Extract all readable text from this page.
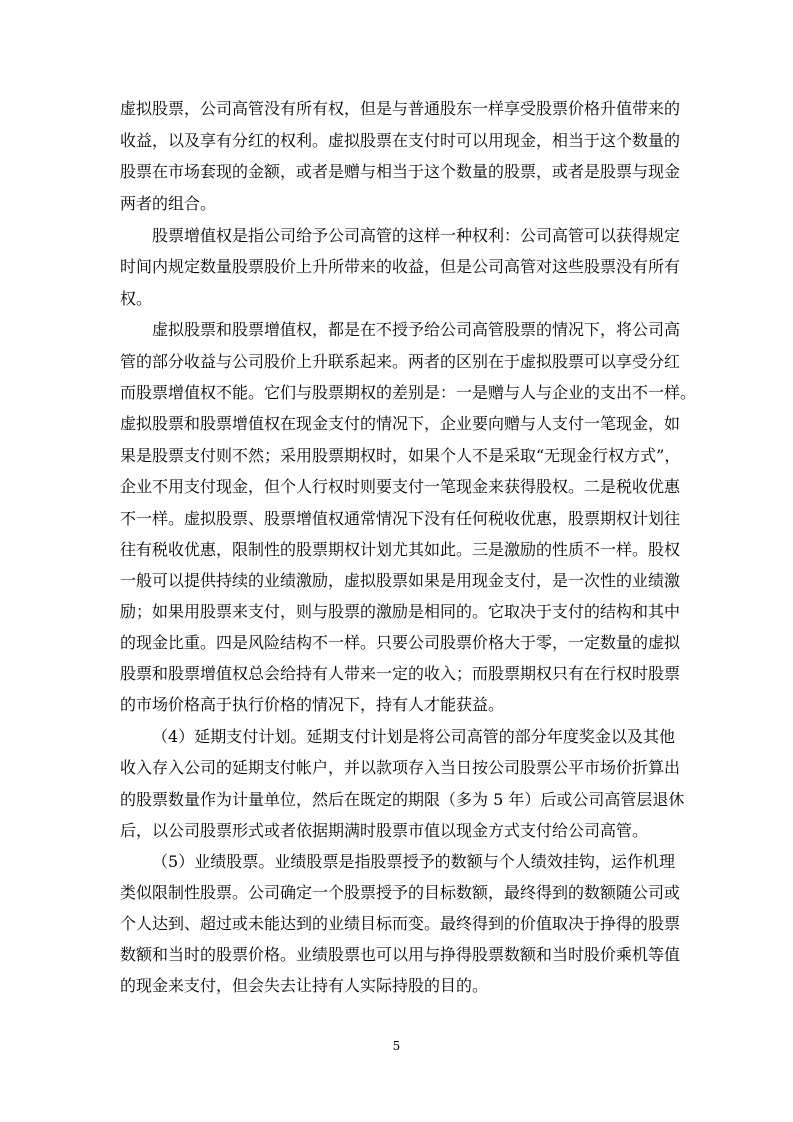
虚拟股票，公司高管没有所有权，但是与普通股东一样享受股票价格升值带来的
收益，以及享有分红的权利。虚拟股票在支付时可以用现金，相当于这个数量的
股票在市场套现的金额，或者是赠与相当于这个数量的股票，或者是股票与现金
两者的组合。
股票增值权是指公司给予公司高管的这样一种权利：公司高管可以获得规定
时间内规定数量股票股价上升所带来的收益，但是公司高管对这些股票没有所有
权。
虚拟股票和股票增值权，都是在不授予给公司高管股票的情况下，将公司高
管的部分收益与公司股价上升联系起来。两者的区别在于虚拟股票可以享受分红
而股票增值权不能。它们与股票期权的差别是：一是赠与人与企业的支出不一样。
虚拟股票和股票增值权在现金支付的情况下，企业要向赠与人支付一笔现金，如
果是股票支付则不然；采用股票期权时，如果个人不是采取“无现金行权方式”，
企业不用支付现金，但个人行权时则要支付一笔现金来获得股权。二是税收优惠
不一样。虚拟股票、股票增值权通常情况下没有任何税收优惠，股票期权计划往
往有税收优惠，限制性的股票期权计划尤其如此。三是激励的性质不一样。股权
一般可以提供持续的业绩激励，虚拟股票如果是用现金支付，是一次性的业绩激
励；如果用股票来支付，则与股票的激励是相同的。它取决于支付的结构和其中
的现金比重。四是风险结构不一样。只要公司股票价格大于零，一定数量的虚拟
股票和股票增值权总会给持有人带来一定的收入；而股票期权只有在行权时股票
的市场价格高于执行价格的情况下，持有人才能获益。
（4）延期支付计划。延期支付计划是将公司高管的部分年度奖金以及其他
收入存入公司的延期支付帐户，并以款项存入当日按公司股票公平市场价折算出
的股票数量作为计量单位，然后在既定的期限（多为 5 年）后或公司高管层退休
后，以公司股票形式或者依据期满时股票市值以现金方式支付给公司高管。
（5）业绩股票。业绩股票是指股票授予的数额与个人绩效挂钩，运作机理
类似限制性股票。公司确定一个股票授予的目标数额，最终得到的数额随公司或
个人达到、超过或未能达到的业绩目标而变。最终得到的价值取决于挣得的股票
数额和当时的股票价格。业绩股票也可以用与挣得股票数额和当时股价乘机等值
的现金来支付，但会失去让持有人实际持股的目的。
5
